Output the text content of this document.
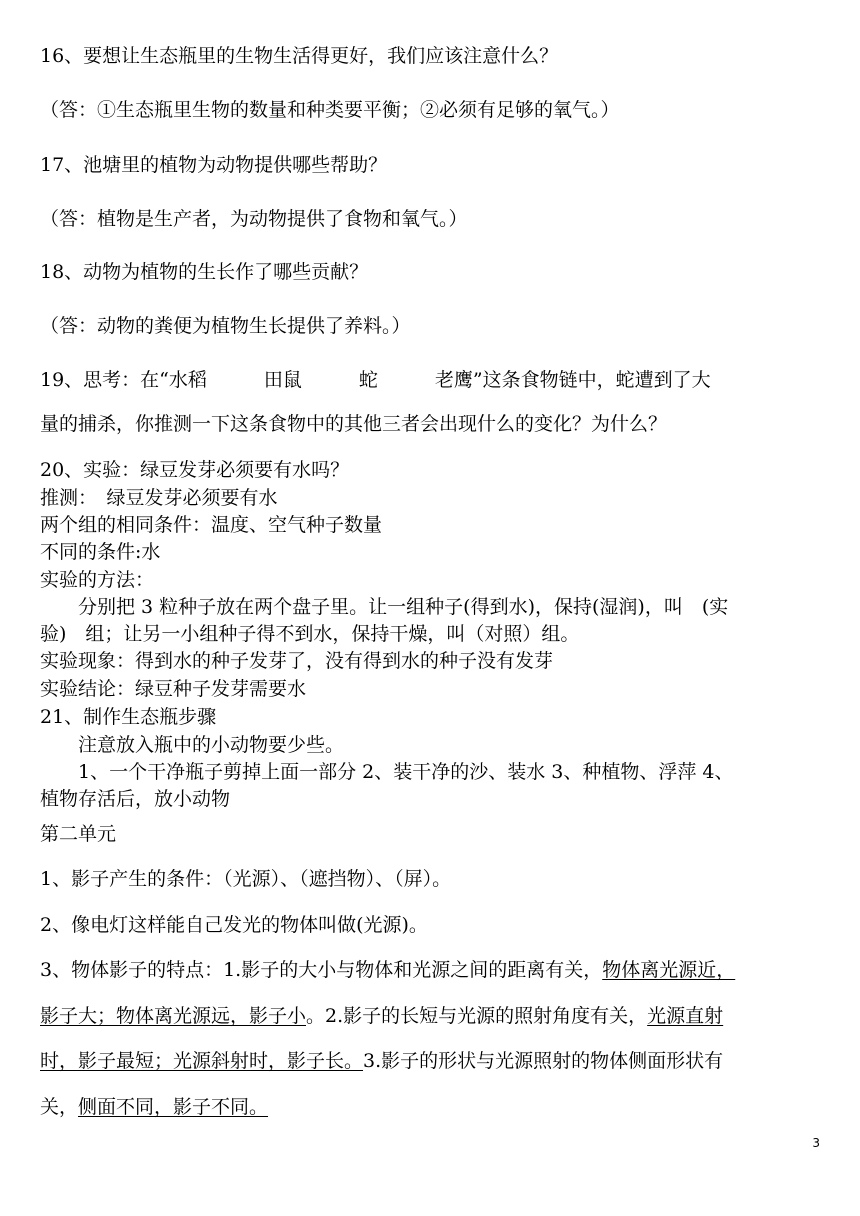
16、要想让生态瓶里的生物生活得更好，我们应该注意什么？
（答：①生态瓶里生物的数量和种类要平衡；②必须有足够的氧气。）
17、池塘里的植物为动物提供哪些帮助？
（答：植物是生产者，为动物提供了食物和氧气。）
18、动物为植物的生长作了哪些贡献？
（答：动物的粪便为植物生长提供了养料。）
19、思考：在“水稻　　　田鼠　　　蛇　　　老鹰”这条食物链中，蛇遭到了大
量的捕杀，你推测一下这条食物中的其他三者会出现什么的变化？为什么？
20、实验：绿豆发芽必须要有水吗？
推测：　绿豆发芽必须要有水
两个组的相同条件：温度、空气种子数量
不同的条件:水
实验的方法：
　　分别把 3 粒种子放在两个盘子里。让一组种子(得到水)，保持(湿润)，叫　(实
验)　组；让另一小组种子得不到水，保持干燥，叫（对照）组。
实验现象：得到水的种子发芽了，没有得到水的种子没有发芽
实验结论：绿豆种子发芽需要水
21、制作生态瓶步骤
　　注意放入瓶中的小动物要少些。
　　1、一个干净瓶子剪掉上面一部分 2、装干净的沙、装水 3、种植物、浮萍 4、
植物存活后，放小动物
第二单元
1、影子产生的条件：（光源）、（遮挡物）、（屏）。
2、像电灯这样能自己发光的物体叫做(光源)。
3、物体影子的特点：1.影子的大小与物体和光源之间的距离有关，物体离光源近，
影子大；物体离光源远，影子小。2.影子的长短与光源的照射角度有关，光源直射
时，影子最短；光源斜射时，影子长。3.影子的形状与光源照射的物体侧面形状有
关，侧面不同，影子不同。
3
